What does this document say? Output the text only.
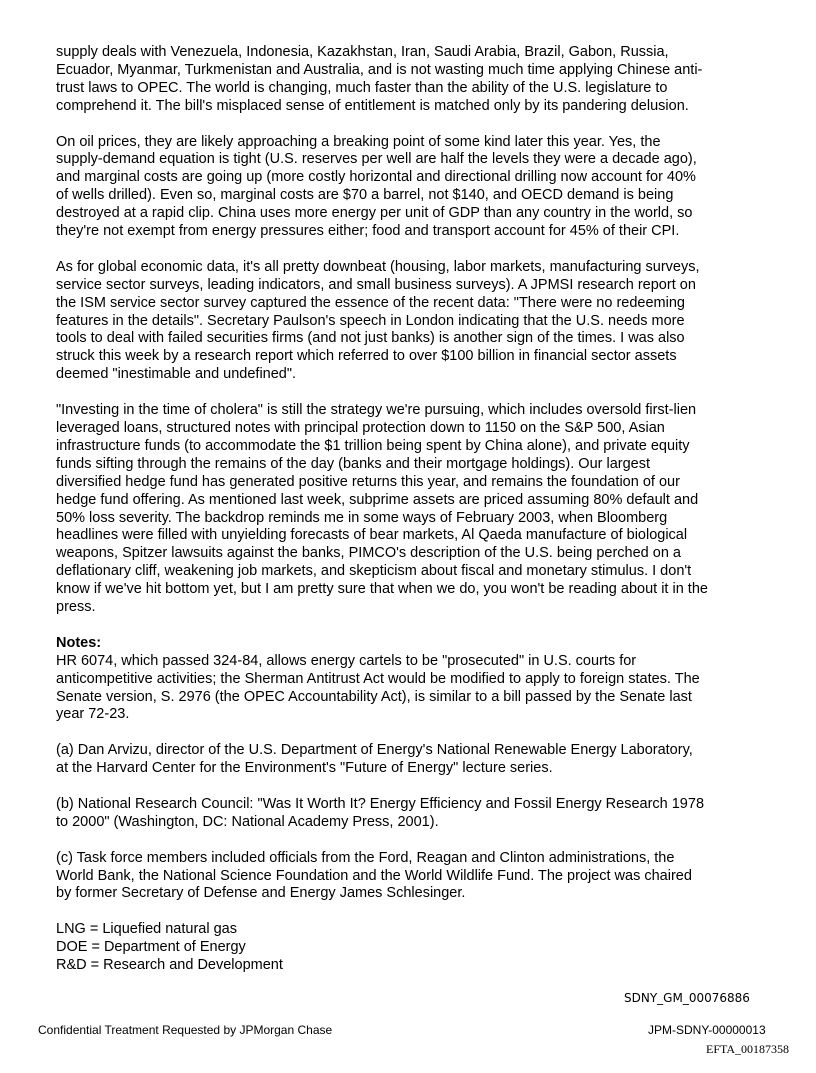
supply deals with Venezuela, Indonesia, Kazakhstan, Iran, Saudi Arabia, Brazil, Gabon, Russia,
Ecuador, Myanmar, Turkmenistan and Australia, and is not wasting much time applying Chinese anti-
trust laws to OPEC. The world is changing, much faster than the ability of the U.S. legislature to
comprehend it. The bill's misplaced sense of entitlement is matched only by its pandering delusion.

On oil prices, they are likely approaching a breaking point of some kind later this year. Yes, the
supply-demand equation is tight (U.S. reserves per well are half the levels they were a decade ago),
and marginal costs are going up (more costly horizontal and directional drilling now account for 40%
of wells drilled). Even so, marginal costs are $70 a barrel, not $140, and OECD demand is being
destroyed at a rapid clip. China uses more energy per unit of GDP than any country in the world, so
they're not exempt from energy pressures either; food and transport account for 45% of their CPI.

As for global economic data, it's all pretty downbeat (housing, labor markets, manufacturing surveys,
service sector surveys, leading indicators, and small business surveys). A JPMSI research report on
the ISM service sector survey captured the essence of the recent data: "There were no redeeming
features in the details". Secretary Paulson's speech in London indicating that the U.S. needs more
tools to deal with failed securities firms (and not just banks) is another sign of the times. I was also
struck this week by a research report which referred to over $100 billion in financial sector assets
deemed "inestimable and undefined".

"Investing in the time of cholera" is still the strategy we're pursuing, which includes oversold first-lien
leveraged loans, structured notes with principal protection down to 1150 on the S&P 500, Asian
infrastructure funds (to accommodate the $1 trillion being spent by China alone), and private equity
funds sifting through the remains of the day (banks and their mortgage holdings). Our largest
diversified hedge fund has generated positive returns this year, and remains the foundation of our
hedge fund offering. As mentioned last week, subprime assets are priced assuming 80% default and
50% loss severity. The backdrop reminds me in some ways of February 2003, when Bloomberg
headlines were filled with unyielding forecasts of bear markets, Al Qaeda manufacture of biological
weapons, Spitzer lawsuits against the banks, PIMCO's description of the U.S. being perched on a
deflationary cliff, weakening job markets, and skepticism about fiscal and monetary stimulus. I don't
know if we've hit bottom yet, but I am pretty sure that when we do, you won't be reading about it in the
press.

Notes:

HR 6074, which passed 324-84, allows energy cartels to be "prosecuted" in U.S. courts for
anticompetitive activities; the Sherman Antitrust Act would be modified to apply to foreign states. The
Senate version, S. 2976 (the OPEC Accountability Act), is similar to a bill passed by the Senate last
year 72-23.

(a) Dan Arvizu, director of the U.S. Department of Energy's National Renewable Energy Laboratory,
at the Harvard Center for the Environment's "Future of Energy" lecture series.

(b) National Research Council: "Was It Worth It? Energy Efficiency and Fossil Energy Research 1978
to 2000" (Washington, DC: National Academy Press, 2001).

(c) Task force members included officials from the Ford, Reagan and Clinton administrations, the
World Bank, the National Science Foundation and the World Wildlife Fund. The project was chaired
by former Secretary of Defense and Energy James Schlesinger.

LNG = Liquefied natural gas
DOE = Department of Energy
R&D = Research and Development

SDNY_GM_00076886
Confidential Treatment Requested by JPMorgan Chase	JPM-SDNY-00000013
EFTA_00187358
